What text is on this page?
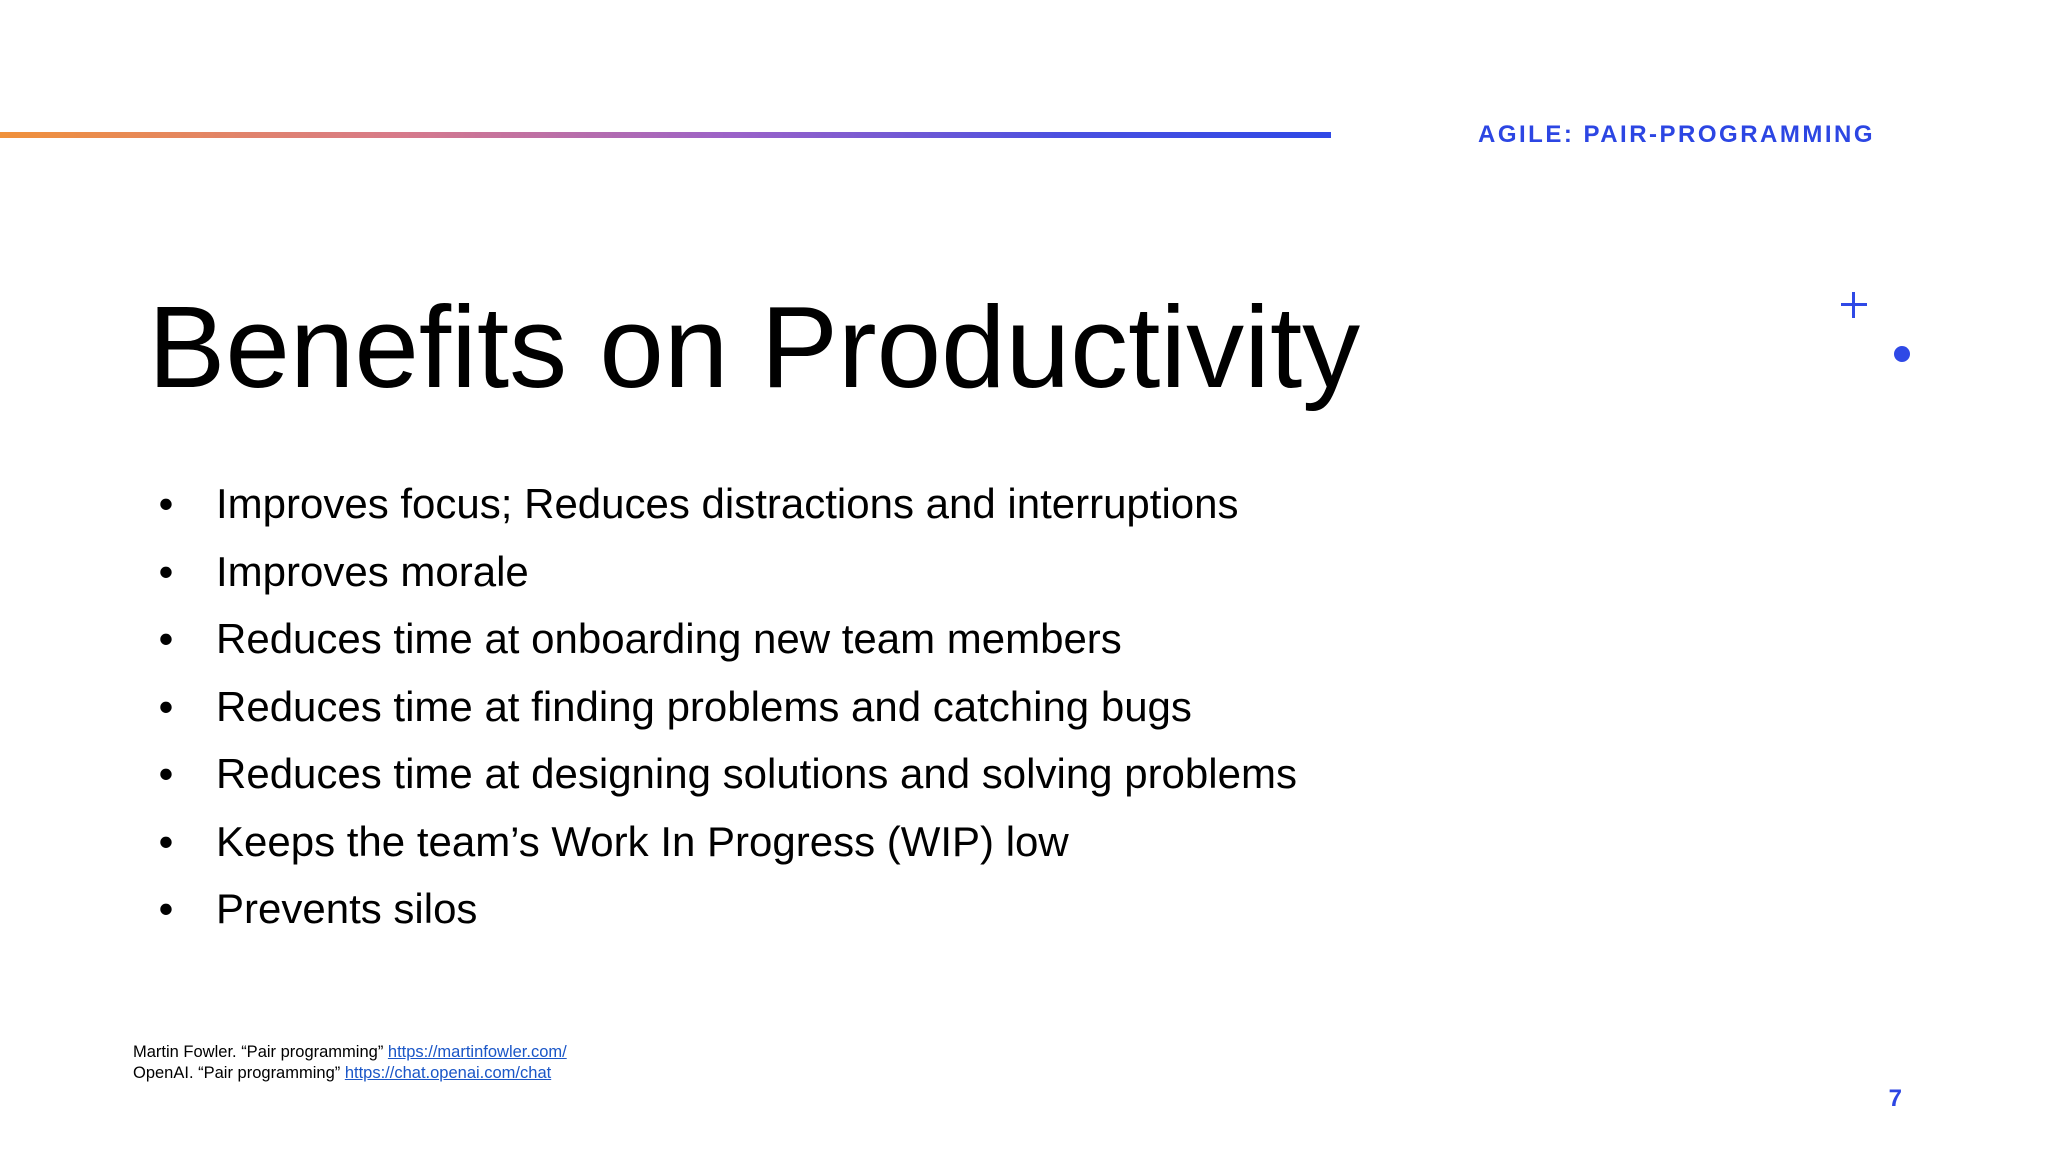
AGILE: PAIR-PROGRAMMING
Benefits on Productivity
• Improves focus; Reduces distractions and interruptions
• Improves morale
• Reduces time at onboarding new team members
• Reduces time at finding problems and catching bugs
• Reduces time at designing solutions and solving problems
• Keeps the team’s Work In Progress (WIP) low
• Prevents silos
Martin Fowler. “Pair programming” https://martinfowler.com/
OpenAI. “Pair programming” https://chat.openai.com/chat
7
